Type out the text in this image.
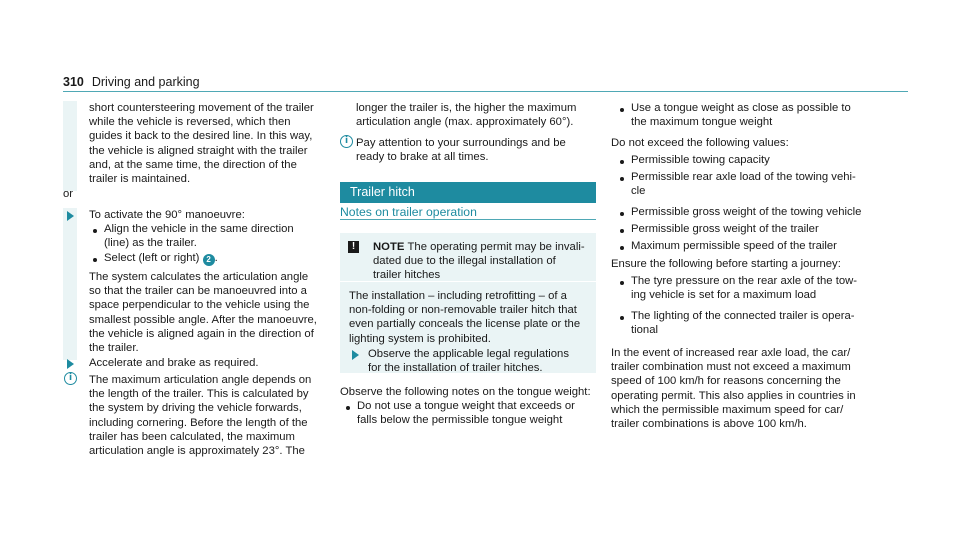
310 Driving and parking

short countersteering movement of the trailer

while the vehicle is reversed, which then

guides it back to the desired line. In this way,

the vehicle is aligned straight with the trailer

and, at the same time, the direction of the

trailer is maintained.

or
To activate the 90° manoeuvre:

Align the vehicle in the same direction

(line) as the trailer.

Select (left or right) 2 .

The system calculates the articulation angle

so that the trailer can be manoeuvred into a

space perpendicular to the vehicle using the

smallest possible angle. After the manoeuvre,

the vehicle is aligned again in the direction of

the trailer.

Accelerate and brake as required.
i	The maximum articulation angle depends on

the length of the trailer. This is calculated by

the system by driving the vehicle forwards,

including cornering. Before the length of the

trailer has been calculated, the maximum

articulation angle is approximately 23°. The

longer the trailer is, the higher the maximum

articulation angle (max. approximately 60°).

i Pay attention to your surroundings and be

ready to brake at all times.

Trailer hitch
Notes on trailer operation
!	NOTE The operating permit may be invali-

dated due to the illegal installation of

trailer hitches

The installation – including retrofitting – of a

non-folding or non-removable trailer hitch that

even partially conceals the license plate or the

lighting system is prohibited.

Observe the applicable legal regulations

for the installation of trailer hitches.

Observe the following notes on the tongue weight:

Do not use a tongue weight that exceeds or

falls below the permissible tongue weight

Use a tongue weight as close as possible to

the maximum tongue weight

Do not exceed the following values:
Permissible towing capacity

Permissible rear axle load of the towing vehi-

cle

Permissible gross weight of the towing vehicle
Permissible gross weight of the trailer
Maximum permissible speed of the trailer
Ensure the following before starting a journey:

The tyre pressure on the rear axle of the tow-

ing vehicle is set for a maximum load

The lighting of the connected trailer is opera-

tional

In the event of increased rear axle load, the car/

trailer combination must not exceed a maximum

speed of 100 km/h for reasons concerning the

operating permit. This also applies in countries in

which the permissible maximum speed for car/

trailer combinations is above 100 km/h.
